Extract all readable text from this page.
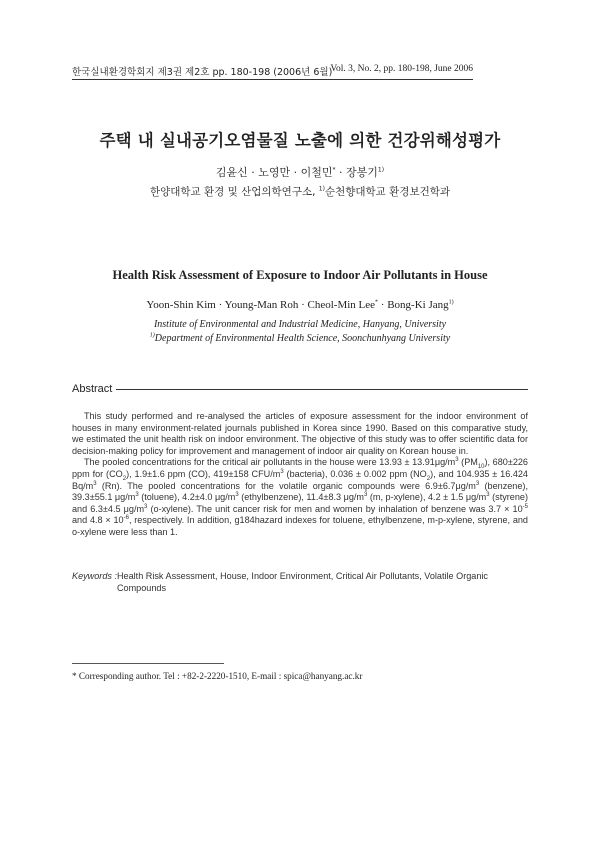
한국실내환경학회지 제3권 제2호 pp. 180-198 (2006년 6월)
Vol. 3, No. 2, pp. 180-198, June 2006
주택 내 실내공기오염물질 노출에 의한 건강위해성평가
김윤신 · 노영만 · 이철민* · 장봉기$^{1)}$
한양대학교 환경 및 산업의학연구소, $^{1)}$순천향대학교 환경보건학과
Health Risk Assessment of Exposure to Indoor Air Pollutants in House
Yoon-Shin Kim · Young-Man Roh · Cheol-Min Lee* · Bong-Ki Jang$^{1)}$
Institute of Environmental and Industrial Medicine, Hanyang, University
$^{1)}$Department of Environmental Health Science, Soonchunhyang University
Abstract

This study performed and re-analysed the articles of exposure assessment for the indoor environment of houses in many environment-related journals published in Korea since 1990. Based on this comparative study, we estimated the unit health risk on indoor environment. The objective of this study was to offer scientific data for decision-making policy for improvement and management of indoor air quality on Korean house in.

The pooled concentrations for the critical air pollutants in the house were $13.93 \pm 13.91\mu g/m^3$ $(PM_{10})$, 680±226 ppm for $(CO_2)$, 1.9±1.6 ppm (CO), 419±158 CFU/$m^3$ (bacteria), 0.036 ± 0.002 ppm $(NO_2)$, and 104.935 ± 16.424 $Bq/m^3$ (Rn). The pooled concentrations for the volatile organic compounds were $6.9\pm 6.7\mu g/m^3$ (benzene), 39.3±55.1 $\mu g/m^3$ (toluene), 4.2±4.0 $\mu g/m^3$ (ethylbenzene), 11.4±8.3 $\mu g/m^3$ (m, p-xylene), 4.2 ± 1.5 $\mu g/m^3$ (styrene) and 6.3±4.5 $\mu g/m^3$ (o-xylene). The unit cancer risk for men and women by inhalation of benzene was $3.7 \times 10^{-5}$ and $4.8 \times 10^{-6}$, respectively. In addition, g184hazard indexes for toluene, ethylbenzene, m-p-xylene, styrene, and o-xylene were less than 1.

Keywords : Health Risk Assessment, House, Indoor Environment, Critical Air Pollutants, Volatile Organic Compounds
* Corresponding author. Tel : +82-2-2220-1510, E-mail : spica@hanyang.ac.kr
